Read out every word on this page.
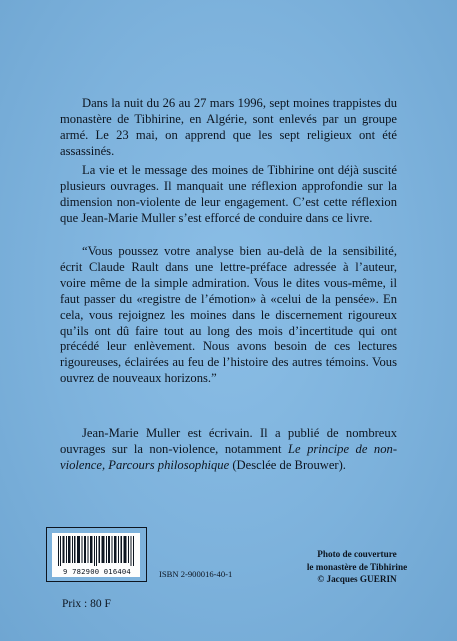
Dans la nuit du 26 au 27 mars 1996, sept moines trappistes du monastère de Tibhirine, en Algérie, sont enlevés par un groupe armé. Le 23 mai, on apprend que les sept religieux ont été assassinés.

La vie et le message des moines de Tibhirine ont déjà suscité plusieurs ouvrages. Il manquait une réflexion approfondie sur la dimension non-violente de leur engagement. C’est cette réflexion que Jean-Marie Muller s’est efforcé de conduire dans ce livre.

“Vous poussez votre analyse bien au-delà de la sensibilité, écrit Claude Rault dans une lettre-préface adressée à l’auteur, voire même de la simple admiration. Vous le dites vous-même, il faut passer du «registre de l’émotion» à «celui de la pensée». En cela, vous rejoignez les moines dans le discernement rigoureux qu’ils ont dû faire tout au long des mois d’incertitude qui ont précédé leur enlèvement. Nous avons besoin de ces lectures rigoureuses, éclairées au feu de l’histoire des autres témoins. Vous ouvrez de nouveaux horizons.”

Jean-Marie Muller est écrivain. Il a publié de nombreux ouvrages sur la non-violence, notamment Le principe de non-violence, Parcours philosophique (Desclée de Brouwer).

9 782900 016404	ISBN 2-900016-40-1
Prix : 80 F
Photo de couverture
le monastère de Tibhirine
© Jacques GUERIN
